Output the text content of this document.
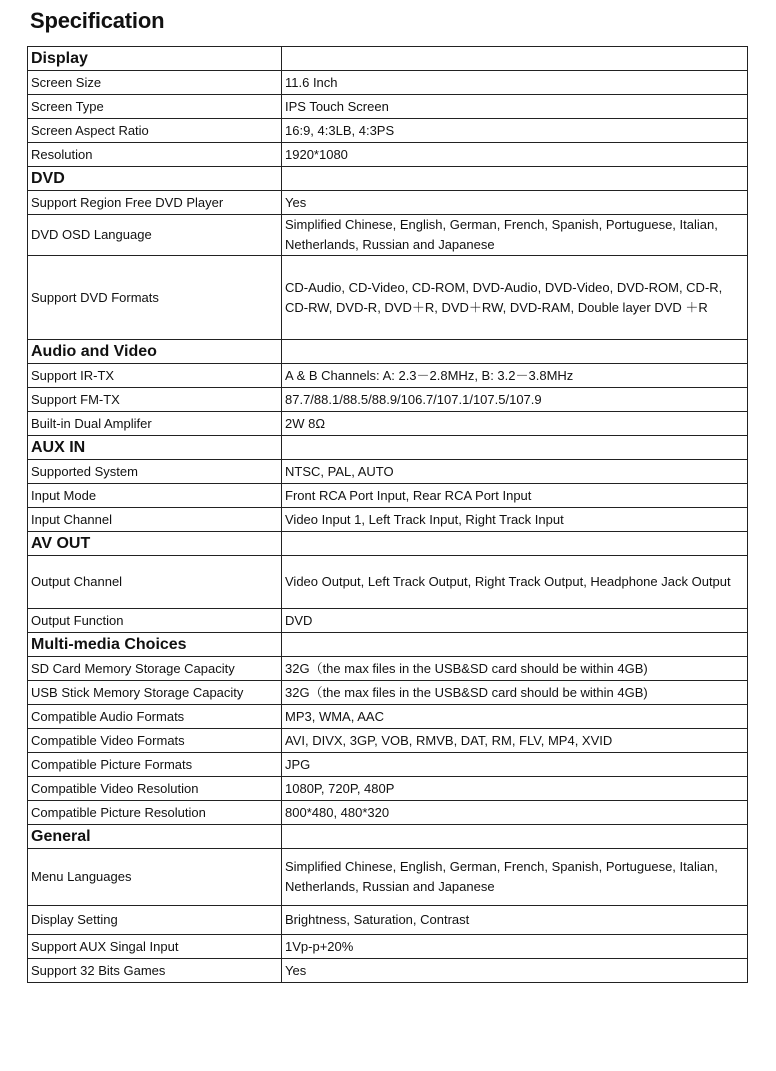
Specification
Display	
Screen Size	11.6 Inch
Screen Type	IPS Touch Screen
Screen Aspect Ratio	16:9, 4:3LB, 4:3PS
Resolution	1920*1080
DVD	
Support Region Free DVD Player	Yes
DVD OSD Language	Simplified Chinese, English, German, French, Spanish, Portuguese, Italian, Netherlands, Russian and Japanese
Support DVD Formats	CD-Audio, CD-Video, CD-ROM, DVD-Audio, DVD-Video, DVD-ROM, CD-R, CD-RW, DVD-R, DVD＋R, DVD＋RW, DVD-RAM, Double layer DVD ＋R
Audio and Video	
Support IR-TX	A & B Channels: A: 2.3－2.8MHz, B: 3.2－3.8MHz
Support FM-TX	87.7/88.1/88.5/88.9/106.7/107.1/107.5/107.9
Built-in Dual Amplifer	2W 8Ω
AUX IN	
Supported System	NTSC, PAL, AUTO
Input Mode	Front RCA Port Input, Rear RCA Port Input
Input Channel	Video Input 1, Left Track Input, Right Track Input
AV OUT	
Output Channel	Video Output, Left Track Output, Right Track Output, Headphone Jack Output
Output Function	DVD
Multi-media Choices	
SD Card Memory Storage Capacity	32G（the max files in the USB&SD card should be within 4GB)
USB Stick Memory Storage Capacity	32G（the max files in the USB&SD card should be within 4GB)
Compatible Audio Formats	MP3, WMA, AAC
Compatible Video Formats	AVI, DIVX, 3GP, VOB, RMVB, DAT, RM, FLV, MP4, XVID
Compatible Picture Formats	JPG
Compatible Video Resolution	1080P, 720P, 480P
Compatible Picture Resolution	800*480, 480*320
General	
Menu Languages	Simplified Chinese, English, German, French, Spanish, Portuguese, Italian, Netherlands, Russian and Japanese
Display Setting	Brightness, Saturation, Contrast
Support AUX Singal Input	1Vp-p+20%
Support 32 Bits Games	Yes
